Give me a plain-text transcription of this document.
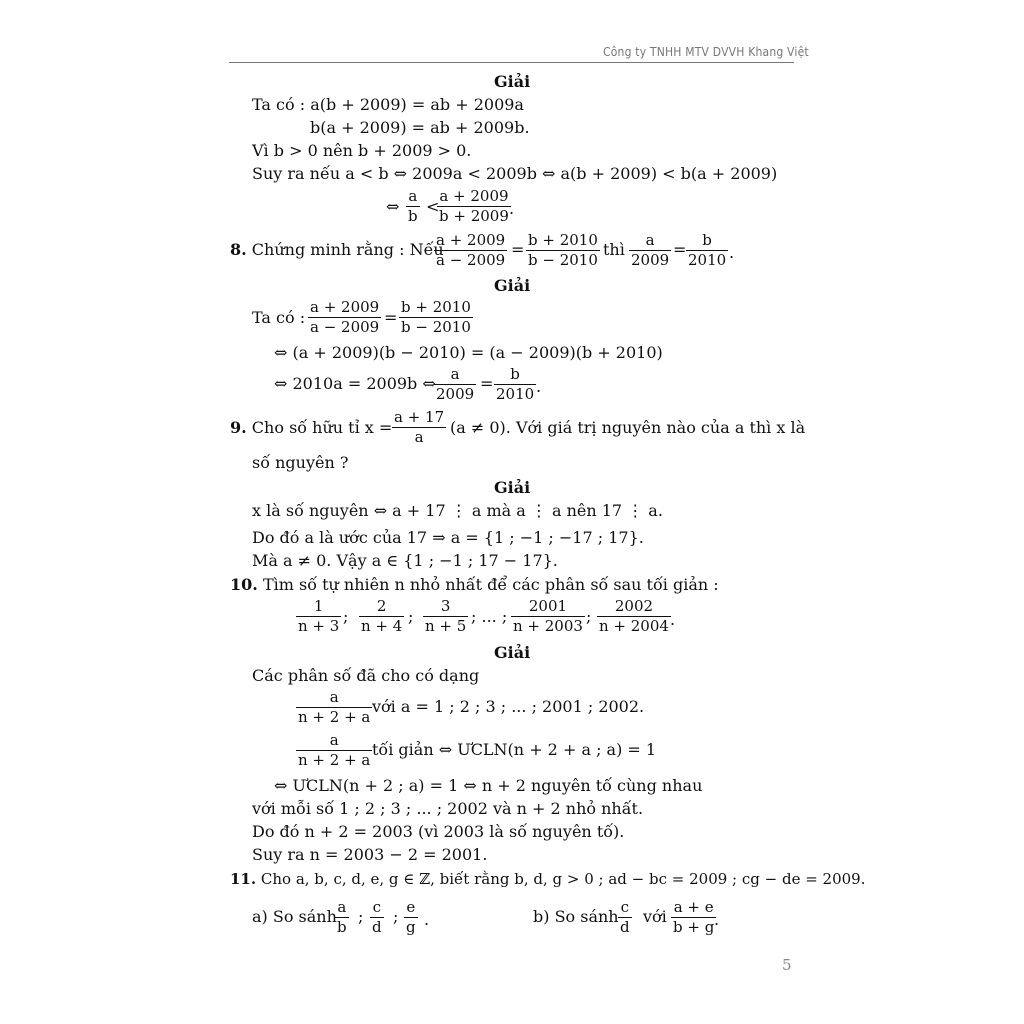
Công ty TNHH MTV DVVH Khang Việt
Giải
Ta có : a(b + 2009) = ab + 2009a
b(a + 2009) = ab + 2009b.
Vì b > 0 nên b + 2009 > 0.
Suy ra nếu a < b ⇔ 2009a < 2009b ⇔ a(b + 2009) < b(a + 2009)
⇔ $\frac{a}{b}$ <
$\frac{a + 2009}{b + 2009}$
.
8. Chứng minh rằng : Nếu
$\frac{a + 2009}{a - 2009} = \frac{b + 2010}{b - 2010}$ thì $\frac{a}{2009} = \frac{b}{2010}$ .
Giải
Ta có : $\frac{a + 2009}{a - 2009} = \frac{b + 2010}{b - 2010}$
⇔ (a + 2009)(b − 2010) = (a − 2009)(b + 2010)
⇔ 2010a = 2009b ⇔
$\frac{a}{2009} = \frac{b}{2010}$ .
9. Cho số hữu tỉ $x = \frac{a + 17}{a} (a \ne 0)$. Với giá trị nguyên nào của a thì x là
số nguyên ?
Giải
x là số nguyên ⇔ a + 17 ⋮ a mà a ⋮ a nên 17 ⋮ a.
Do đó a là ước của 17 ⇒ a = {1 ; −1 ; −17 ; 17}.
Mà a ≠ 0. Vậy a ∈ {1 ; −1 ; 17 − 17}.
10. Tìm số tự nhiên n nhỏ nhất để các phân số sau tối giản :
$\frac{1}{n + 3}$ ; $\frac{2}{n + 4}$ ; $\frac{3}{n + 5}$ ; ... ; $\frac{2001}{n + 2003}$ ; $\frac{2002}{n + 2004}$ .
Giải
Các phân số đã cho có dạng
$\frac{a}{n + 2 + a}$ với a = 1 ; 2 ; 3 ; ... ; 2001 ; 2002.
$\frac{a}{n + 2 + a}$ tối giản ⇔ ƯCLN(n + 2 + a ; a) = 1
⇔ ƯCLN(n + 2 ; a) = 1 ⇔ n + 2 nguyên tố cùng nhau
với mỗi số 1 ; 2 ; 3 ; ... ; 2002 và n + 2 nhỏ nhất.
Do đó n + 2 = 2003 (vì 2003 là số nguyên tố).
Suy ra n = 2003 − 2 = 2001.
11. Cho a, b, c, d, e, g ∈ ℤ, biết rằng b, d, g > 0 ; ad − bc = 2009 ; cg − de = 2009.
a) So sánh
$\frac{a}{b}$ ; $\frac{c}{d}$ ; $\frac{e}{g}$ .	b) So sánh $\frac{c}{d}$ với $\frac{a + e}{b + g}$
.
5
